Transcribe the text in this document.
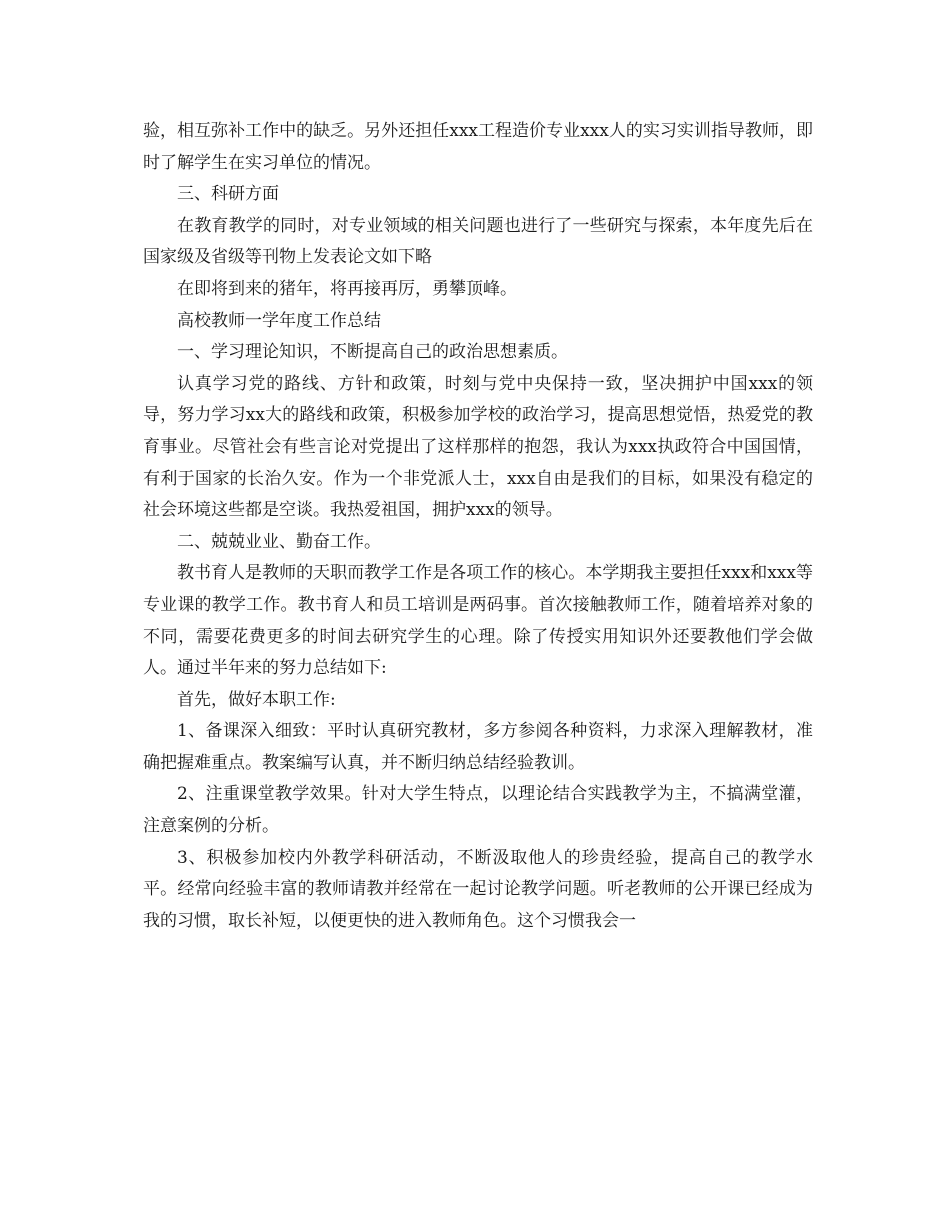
验，相互弥补工作中的缺乏。另外还担任xxx工程造价专业xxx人的实习实训指导教师，即时了解学生在实习单位的情况。

三、科研方面

在教育教学的同时，对专业领域的相关问题也进行了一些研究与探索，本年度先后在国家级及省级等刊物上发表论文如下略

在即将到来的猪年，将再接再厉，勇攀顶峰。

高校教师一学年度工作总结

一、学习理论知识，不断提高自己的政治思想素质。

认真学习党的路线、方针和政策，时刻与党中央保持一致，坚决拥护中国xxx的领导，努力学习xx大的路线和政策，积极参加学校的政治学习，提高思想觉悟，热爱党的教育事业。尽管社会有些言论对党提出了这样那样的抱怨，我认为xxx执政符合中国国情，有利于国家的长治久安。作为一个非党派人士，xxx自由是我们的目标，如果没有稳定的社会环境这些都是空谈。我热爱祖国，拥护xxx的领导。

二、兢兢业业、勤奋工作。

教书育人是教师的天职而教学工作是各项工作的核心。本学期我主要担任xxx和xxx等专业课的教学工作。教书育人和员工培训是两码事。首次接触教师工作，随着培养对象的不同，需要花费更多的时间去研究学生的心理。除了传授实用知识外还要教他们学会做人。通过半年来的努力总结如下:

首先，做好本职工作:

1、备课深入细致：平时认真研究教材，多方参阅各种资料，力求深入理解教材，准确把握难重点。教案编写认真，并不断归纳总结经验教训。

2、注重课堂教学效果。针对大学生特点，以理论结合实践教学为主，不搞满堂灌，注意案例的分析。

3、积极参加校内外教学科研活动，不断汲取他人的珍贵经验，提高自己的教学水平。经常向经验丰富的教师请教并经常在一起讨论教学问题。听老教师的公开课已经成为我的习惯，取长补短，以便更快的进入教师角色。这个习惯我会一
